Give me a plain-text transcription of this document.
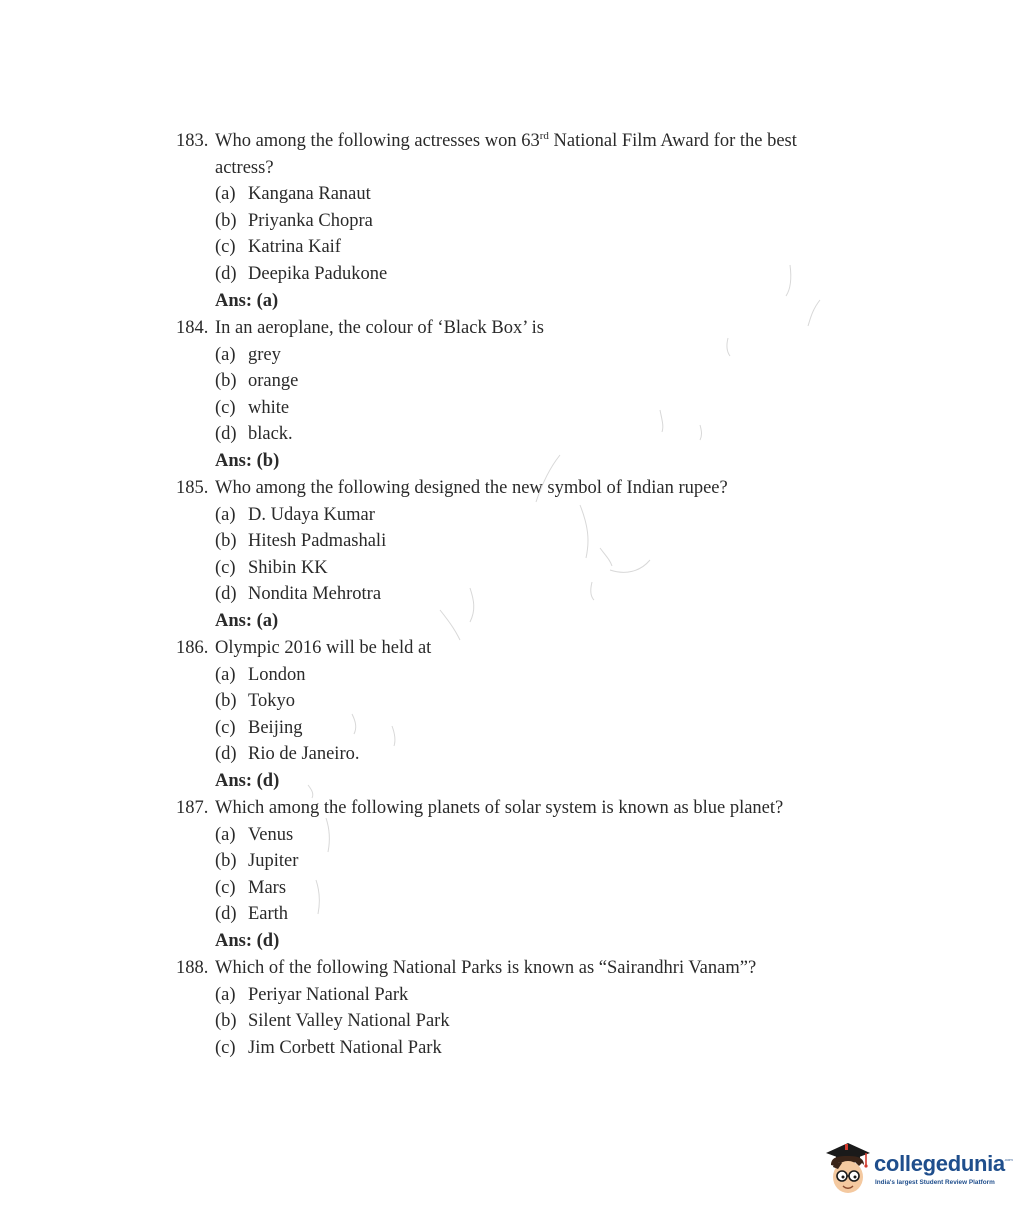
183. Who among the following actresses won 63rd National Film Award for the best actress?
(a) Kangana Ranaut
(b) Priyanka Chopra
(c) Katrina Kaif
(d) Deepika Padukone
Ans: (a)
184. In an aeroplane, the colour of ‘Black Box’ is
(a) grey
(b) orange
(c) white
(d) black.
Ans: (b)
185. Who among the following designed the new symbol of Indian rupee?
(a) D. Udaya Kumar
(b) Hitesh Padmashali
(c) Shibin KK
(d) Nondita Mehrotra
Ans: (a)
186. Olympic 2016 will be held at
(a) London
(b) Tokyo
(c) Beijing
(d) Rio de Janeiro.
Ans: (d)
187. Which among the following planets of solar system is known as blue planet?
(a) Venus
(b) Jupiter
(c) Mars
(d) Earth
Ans: (d)
188. Which of the following National Parks is known as “Sairandhri Vanam”?
(a) Periyar National Park
(b) Silent Valley National Park
(c) Jim Corbett National Park
collegedunia .com
India's largest Student Review Platform
